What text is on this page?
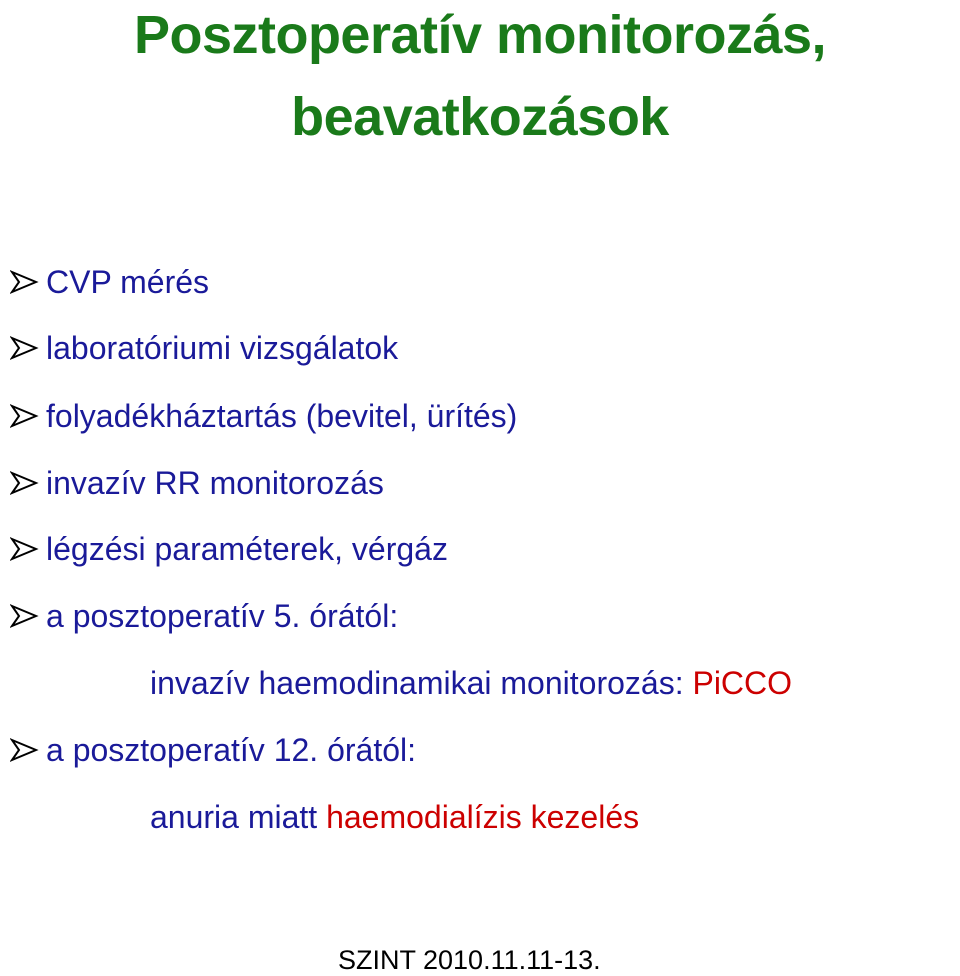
Posztoperatív monitorozás,
beavatkozások
CVP mérés
laboratóriumi vizsgálatok
folyadékháztartás (bevitel, ürítés)
invazív RR monitorozás
légzési paraméterek, vérgáz
a posztoperatív 5. órától:
invazív haemodinamikai monitorozás: PiCCO
a posztoperatív 12. órától:
anuria miatt haemodialízis kezelés
SZINT 2010.11.11-13.
